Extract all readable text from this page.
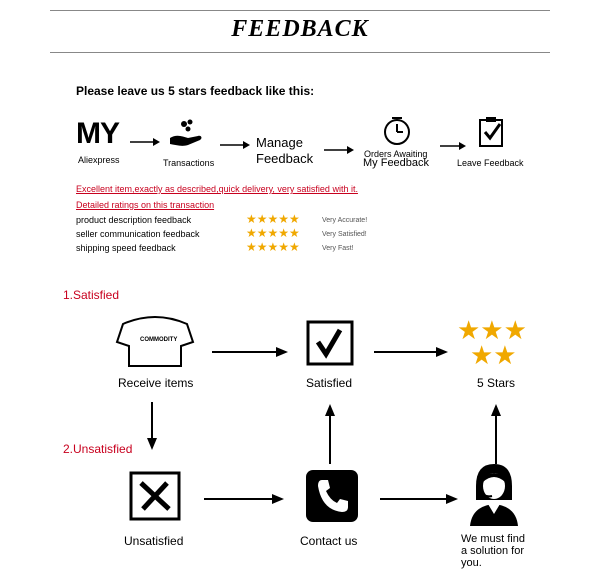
FEEDBACK
Please leave us 5 stars feedback like this:
MY
Aliexpress	Transactions
Manage
Feedback	Orders Awaiting
My Feedback	Leave Feedback
Excellent item,exactly as described,quick delivery, very satisfied with it.
Detailed ratings on this transaction
product description feedback	★★★★★	Very Accurate!
seller communication feedback	★★★★★	Very Satisfied!
shipping speed feedback	★★★★★	Very Fast!
1.Satisfied
COMMODITY
Receive items	Satisfied
★★★
★★
5 Stars
2.Unsatisfied
Unsatisfied	Contact us	We must find
a solution for
you.
